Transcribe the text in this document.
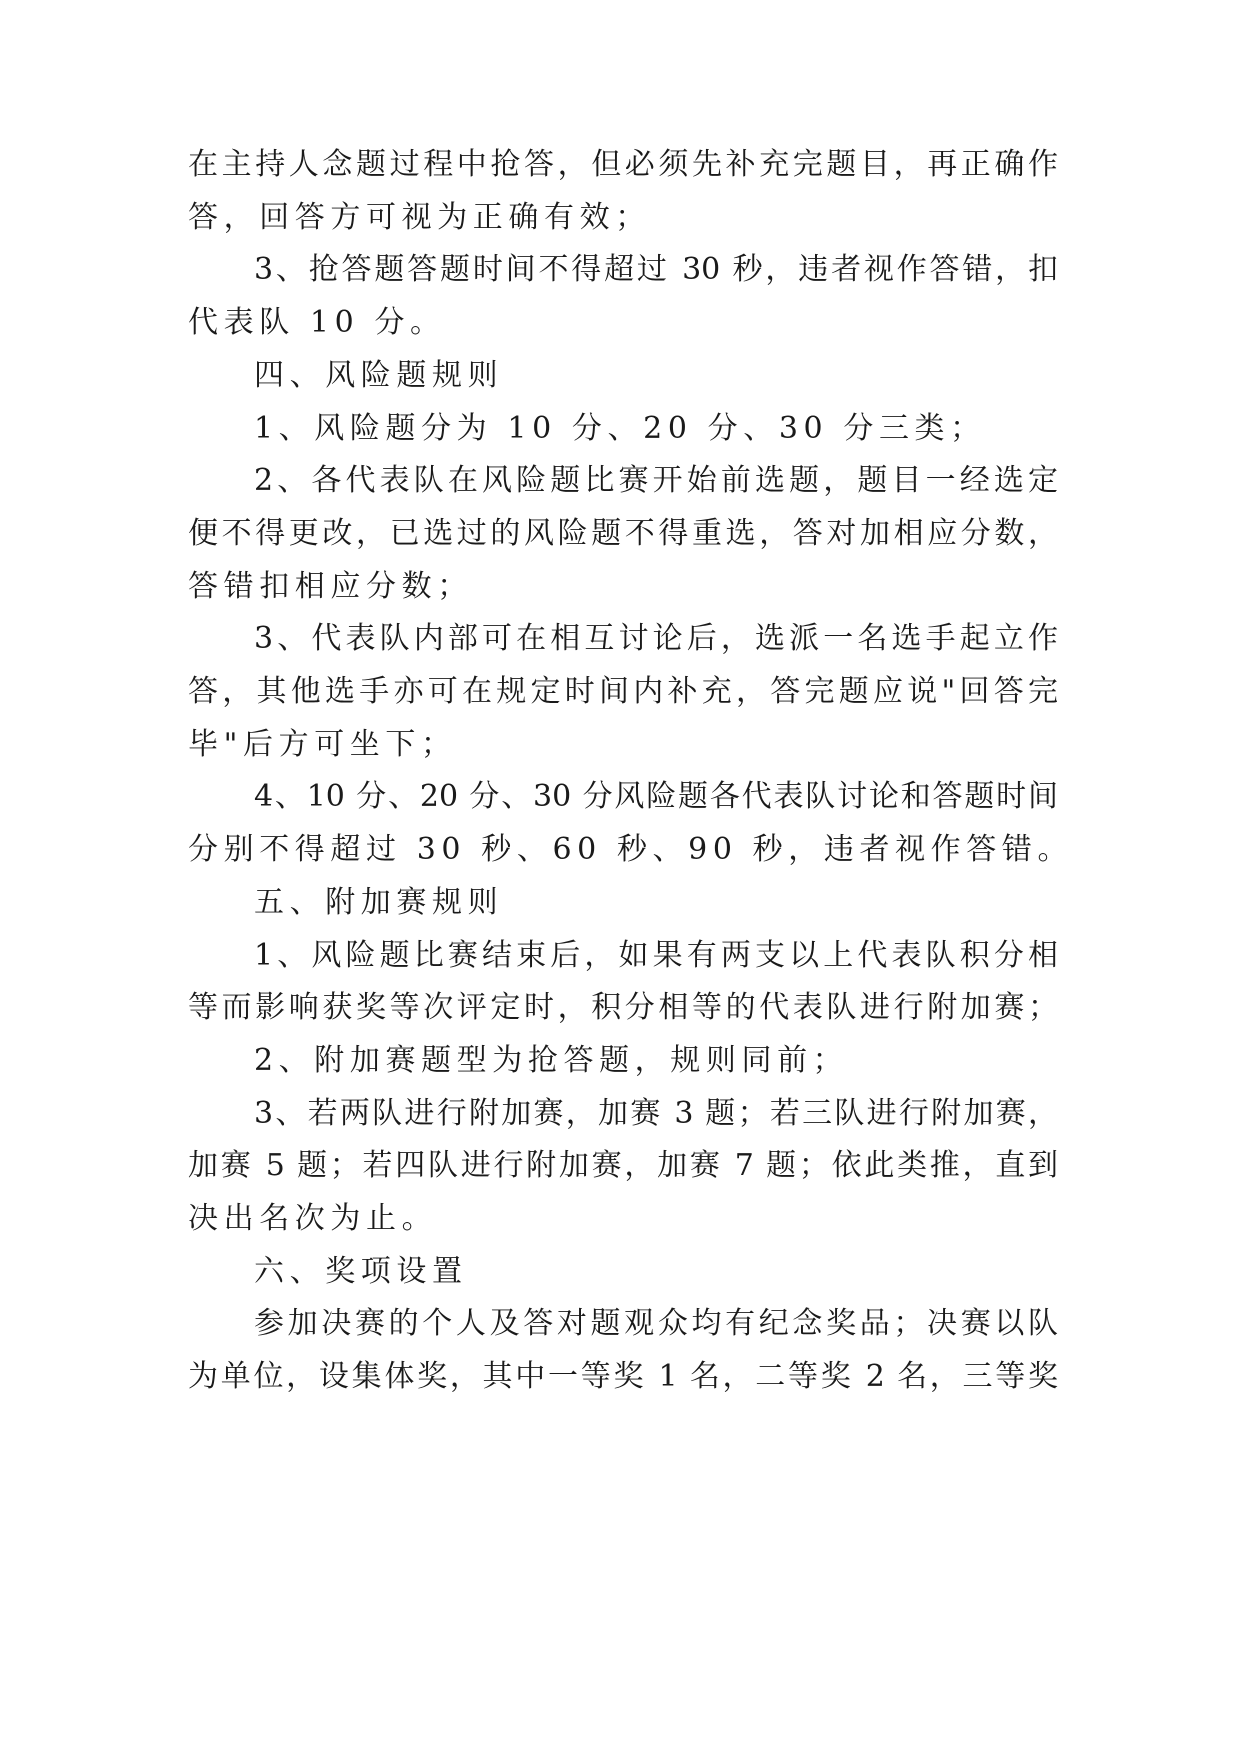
在主持人念题过程中抢答，但必须先补充完题目，再正确作
答，回答方可视为正确有效；
3、抢答题答题时间不得超过 30 秒，违者视作答错，扣
代表队 10 分。
四、风险题规则
1、风险题分为 10 分、20 分、30 分三类；
2、各代表队在风险题比赛开始前选题，题目一经选定
便不得更改，已选过的风险题不得重选，答对加相应分数，
答错扣相应分数；
3、代表队内部可在相互讨论后，选派一名选手起立作
答，其他选手亦可在规定时间内补充，答完题应说"回答完
毕"后方可坐下；
4、10 分、20 分、30 分风险题各代表队讨论和答题时间
分别不得超过 30 秒、60 秒、90 秒，违者视作答错。
五、附加赛规则
1、风险题比赛结束后，如果有两支以上代表队积分相
等而影响获奖等次评定时，积分相等的代表队进行附加赛；
2、附加赛题型为抢答题，规则同前；
3、若两队进行附加赛，加赛 3 题；若三队进行附加赛，
加赛 5 题；若四队进行附加赛，加赛 7 题；依此类推，直到
决出名次为止。
六、奖项设置
参加决赛的个人及答对题观众均有纪念奖品；决赛以队
为单位，设集体奖，其中一等奖 1 名，二等奖 2 名，三等奖
